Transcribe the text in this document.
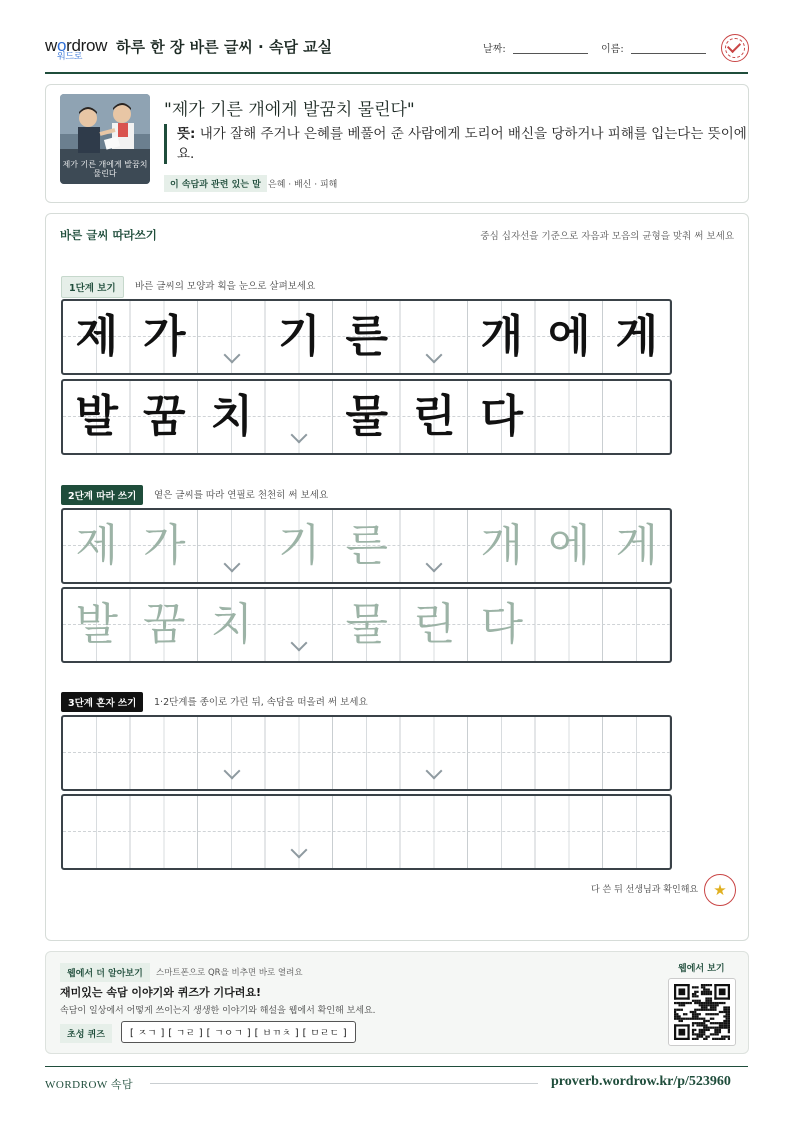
wordrow
워드로 하루 한 장 바른 글씨 · 속담 교실	날짜:	이름:
제가 기른 개에게 발꿈치 물린다
"제가 기른 개에게 발꿈치 물린다"
뜻: 내가 잘해 주거나 은혜를 베풀어 준 사람에게 도리어 배신을 당하거나 피해를 입는다는 뜻이에요.
이 속담과 관련 있는 말 은혜 · 배신 · 피해
바른 글씨 따라쓰기	중심 십자선을 기준으로 자음과 모음의 균형을 맞춰 써 보세요
1단계 보기	바른 글씨의 모양과 획을 눈으로 살펴보세요
제 가 기 른 개 에 게
발 꿈 치 물 린 다
2단계 따라 쓰기	옅은 글씨를 따라 연필로 천천히 써 보세요
제 가 기 른 개 에 게
발 꿈 치 물 린 다
3단계 혼자 쓰기	1·2단계를 종이로 가린 뒤, 속담을 떠올려 써 보세요
다 쓴 뒤 선생님과 확인해요	★
웹에서 더 알아보기	스마트폰으로 QR을 비추면 바로 열려요
재미있는 속담 이야기와 퀴즈가 기다려요!
속담이 일상에서 어떻게 쓰이는지 생생한 이야기와 해설을 웹에서 확인해 보세요.
초성 퀴즈	[ ㅈㄱ ] [ ㄱㄹ ] [ ㄱㅇㄱ ] [ ㅂㄲㅊ ] [ ㅁㄹㄷ ]
웹에서 보기
WORDROW 속담	proverb.wordrow.kr/p/523960
